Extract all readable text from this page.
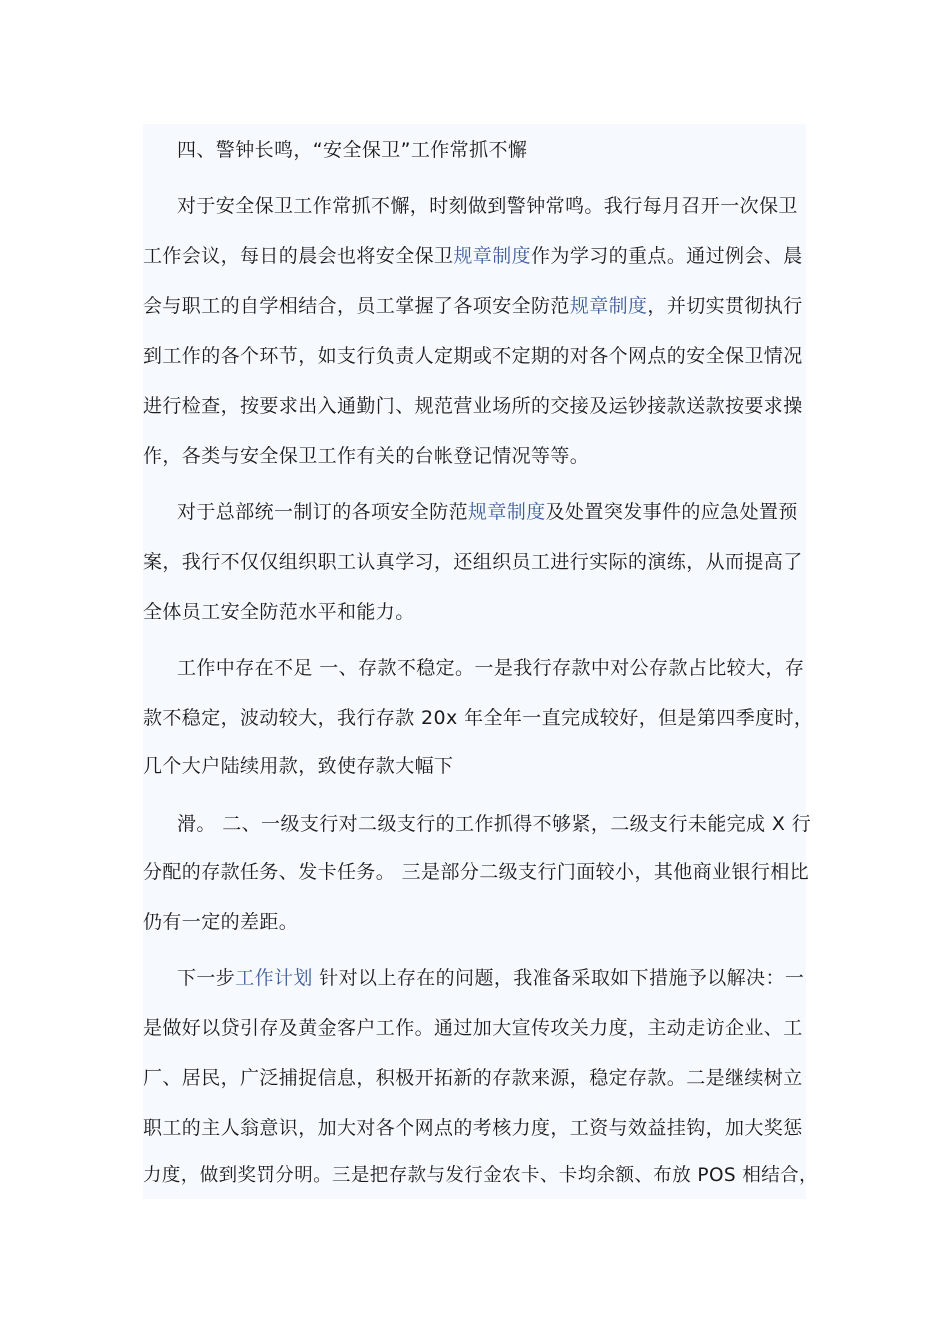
四、警钟长鸣，“安全保卫”工作常抓不懈
对于安全保卫工作常抓不懈，时刻做到警钟常鸣。我行每月召开一次保卫
工作会议，每日的晨会也将安全保卫规章制度作为学习的重点。通过例会、晨
会与职工的自学相结合，员工掌握了各项安全防范规章制度，并切实贯彻执行
到工作的各个环节，如支行负责人定期或不定期的对各个网点的安全保卫情况
进行检查，按要求出入通勤门、规范营业场所的交接及运钞接款送款按要求操
作，各类与安全保卫工作有关的台帐登记情况等等。
对于总部统一制订的各项安全防范规章制度及处置突发事件的应急处置预
案，我行不仅仅组织职工认真学习，还组织员工进行实际的演练，从而提高了
全体员工安全防范水平和能力。
工作中存在不足 一、存款不稳定。一是我行存款中对公存款占比较大，存
款不稳定，波动较大，我行存款 20x 年全年一直完成较好，但是第四季度时，
几个大户陆续用款，致使存款大幅下
滑。 二、一级支行对二级支行的工作抓得不够紧，二级支行未能完成 X 行
分配的存款任务、发卡任务。 三是部分二级支行门面较小，其他商业银行相比
仍有一定的差距。
下一步工作计划 针对以上存在的问题，我准备采取如下措施予以解决：一
是做好以贷引存及黄金客户工作。通过加大宣传攻关力度，主动走访企业、工
厂、居民，广泛捕捉信息，积极开拓新的存款来源，稳定存款。二是继续树立
职工的主人翁意识，加大对各个网点的考核力度，工资与效益挂钩，加大奖惩
力度，做到奖罚分明。三是把存款与发行金农卡、卡均余额、布放 POS 相结合，
